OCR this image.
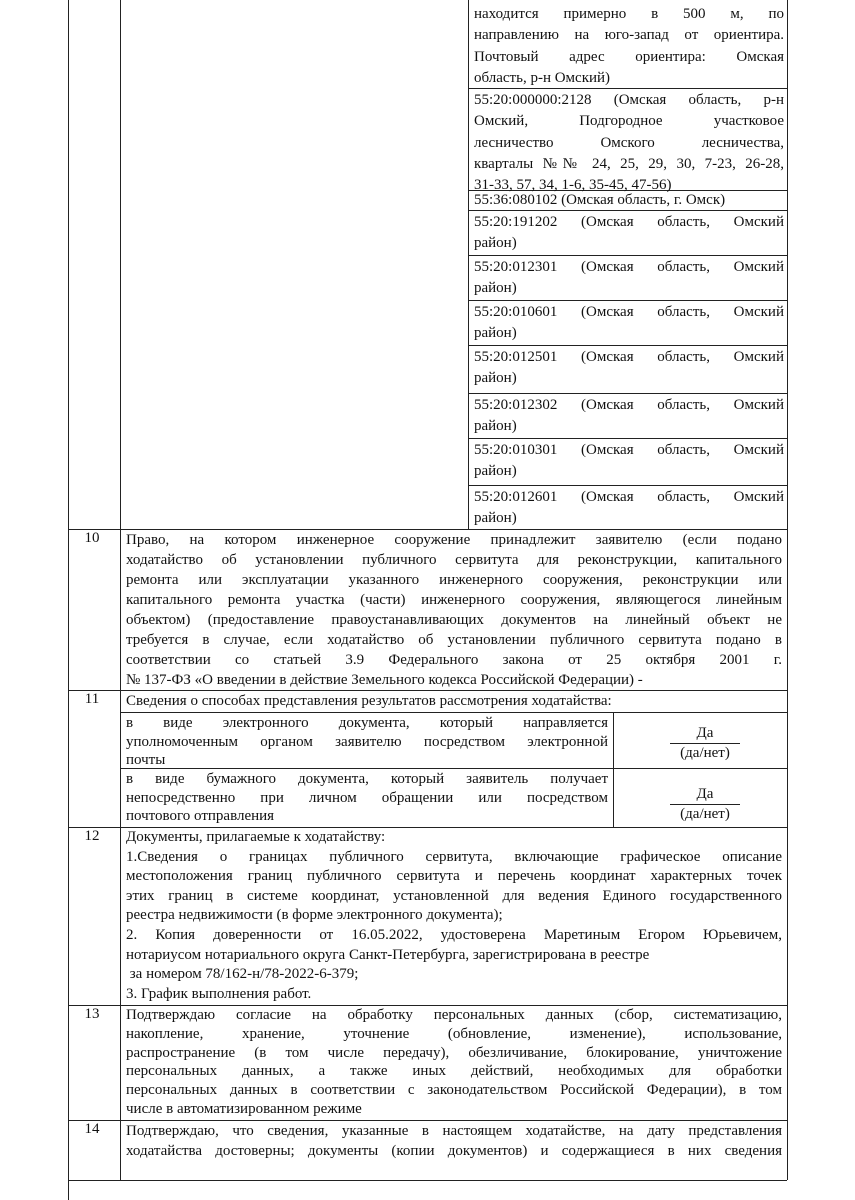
находится примерно в 500 м, по
направлению на юго-запад от ориентира.
Почтовый адрес ориентира: Омская
область, р-н Омский)
55:20:000000:2128 (Омская область, р-н
Омский, Подгородное участковое
лесничество Омского лесничества,
кварталы №№ 24, 25, 29, 30, 7-23, 26-28,
31-33, 57, 34, 1-6, 35-45, 47-56)
55:36:080102 (Омская область, г. Омск)
55:20:191202 (Омская область, Омский
район)
55:20:012301 (Омская область, Омский
район)
55:20:010601 (Омская область, Омский
район)
55:20:012501 (Омская область, Омский
район)
55:20:012302 (Омская область, Омский
район)
55:20:010301 (Омская область, Омский
район)
55:20:012601 (Омская область, Омский
район)
10	Право, на котором инженерное сооружение принадлежит заявителю (если подано
ходатайство об установлении публичного сервитута для реконструкции, капитального
ремонта или эксплуатации указанного инженерного сооружения, реконструкции или
капитального ремонта участка (части) инженерного сооружения, являющегося линейным
объектом) (предоставление правоустанавливающих документов на линейный объект не
требуется в случае, если ходатайство об установлении публичного сервитута подано в
соответствии со статьей 3.9 Федерального закона от 25 октября 2001 г.
№ 137-ФЗ «О введении в действие Земельного кодекса Российской Федерации) -
11	Сведения о способах представления результатов рассмотрения ходатайства:
в виде электронного документа, который направляется
уполномоченным органом заявителю посредством электронной
почты
Да
(да/нет)
в виде бумажного документа, который заявитель получает
непосредственно при личном обращении или посредством
почтового отправления
Да
(да/нет)
12	Документы, прилагаемые к ходатайству:
1.Сведения о границах публичного сервитута, включающие графическое описание
местоположения границ публичного сервитута и перечень координат характерных точек
этих границ в системе координат, установленной для ведения Единого государственного
реестра недвижимости (в форме электронного документа);
2. Копия доверенности от 16.05.2022, удостоверена Маретиным Егором Юрьевичем,
нотариусом нотариального округа Санкт-Петербурга, зарегистрирована в реестре
за номером 78/162-н/78-2022-6-379;
3. График выполнения работ.
13	Подтверждаю согласие на обработку персональных данных (сбор, систематизацию,
накопление, хранение, уточнение (обновление, изменение), использование,
распространение (в том числе передачу), обезличивание, блокирование, уничтожение
персональных данных, а также иных действий, необходимых для обработки
персональных данных в соответствии с законодательством Российской Федерации), в том
числе в автоматизированном режиме
14	Подтверждаю, что сведения, указанные в настоящем ходатайстве, на дату представления
ходатайства достоверны; документы (копии документов) и содержащиеся в них сведения
